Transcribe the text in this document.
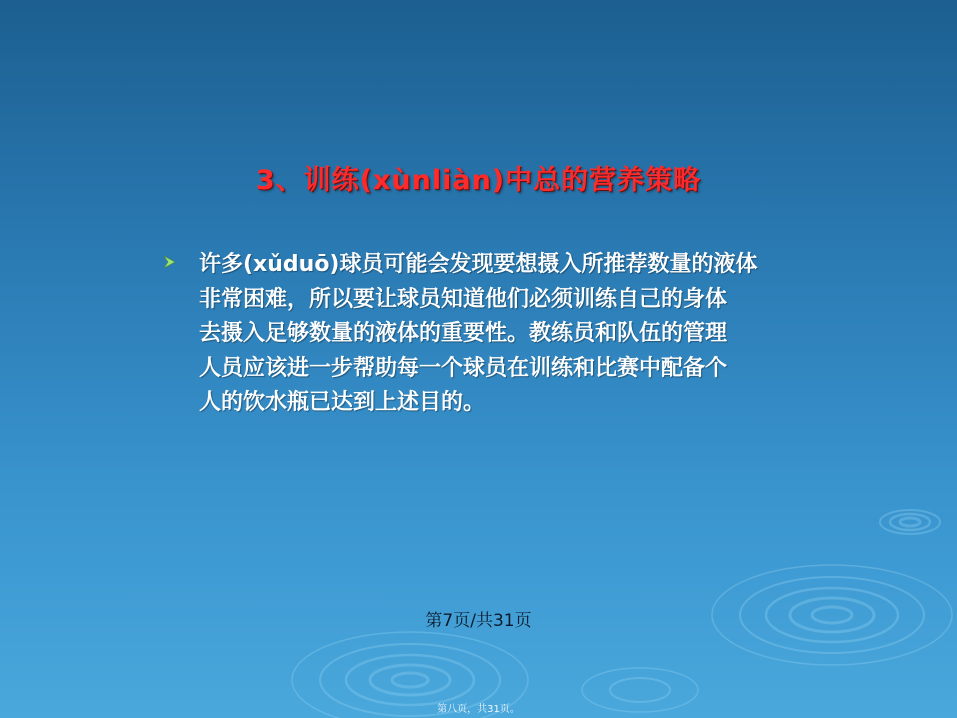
3、训练(xùnliàn)中总的营养策略
许多(xǔduō)球员可能会发现要想摄入所推荐数量的液体
非常困难，所以要让球员知道他们必须训练自己的身体
去摄入足够数量的液体的重要性。教练员和队伍的管理
人员应该进一步帮助每一个球员在训练和比赛中配备个
人的饮水瓶已达到上述目的。
第7页/共31页
第八页，共31页。
